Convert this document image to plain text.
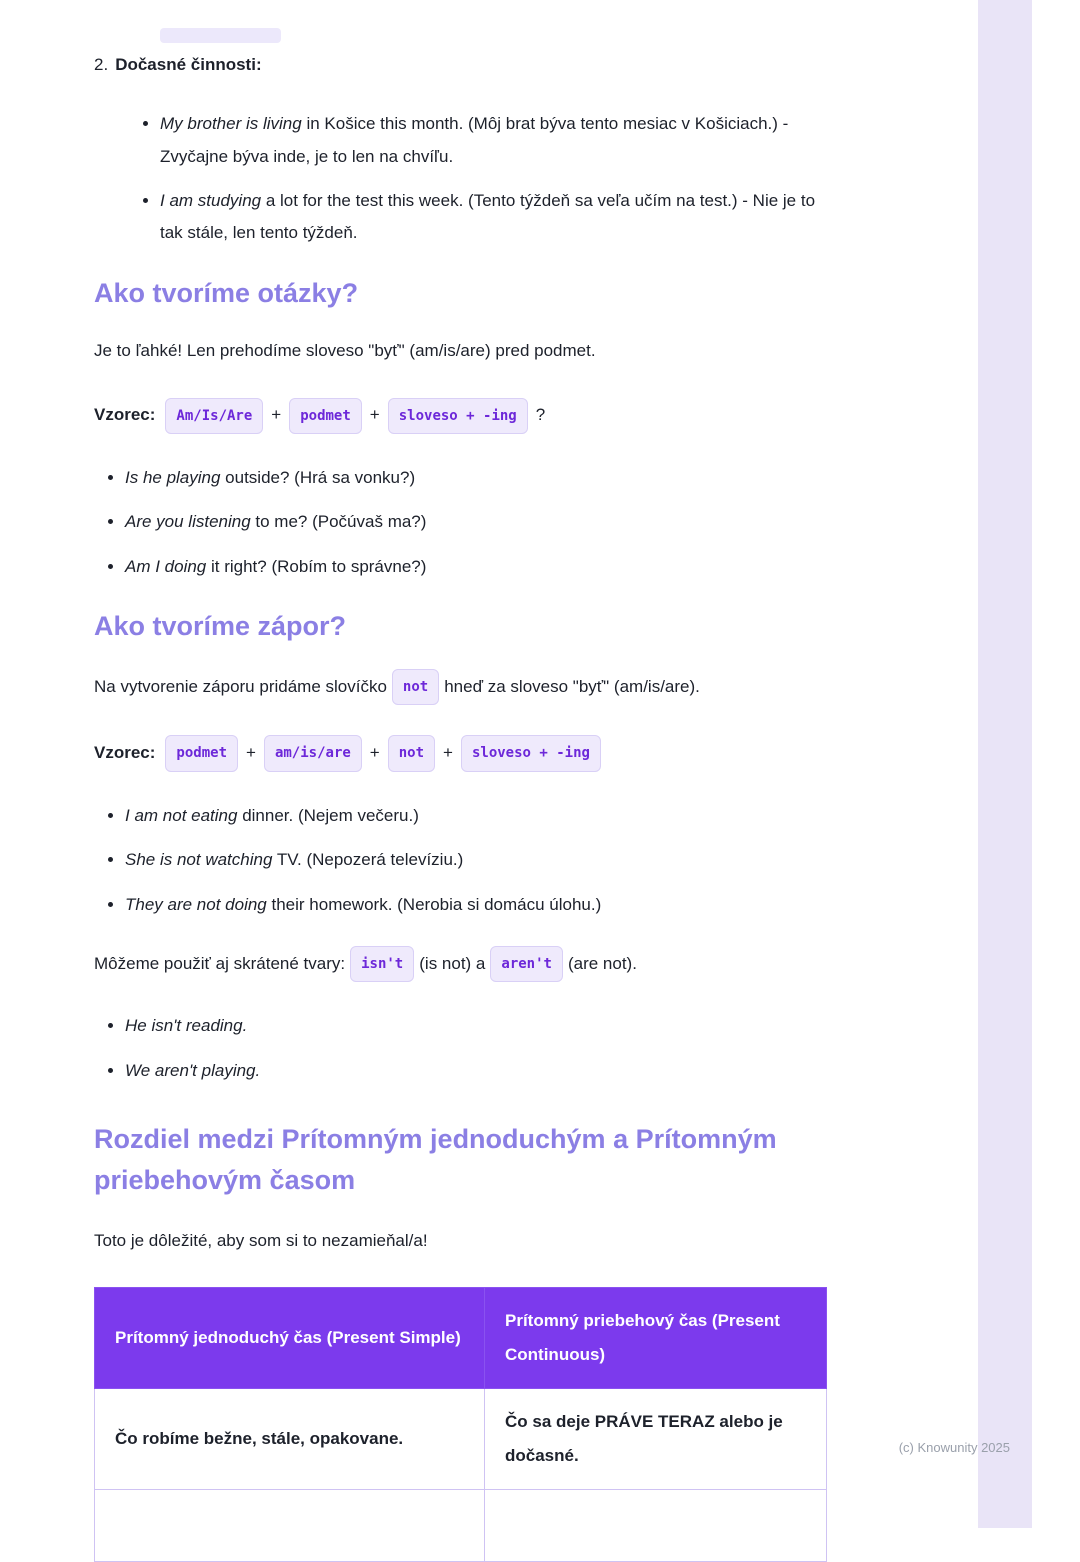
2. Dočasné činnosti:
• My brother is living in Košice this month. (Môj brat býva tento mesiac v Košiciach.) - Zvyčajne býva inde, je to len na chvíľu.
• I am studying a lot for the test this week. (Tento týždeň sa veľa učím na test.) - Nie je to tak stále, len tento týždeň.
Ako tvoríme otázky?

Je to ľahké! Len prehodíme sloveso "byť" (am/is/are) pred podmet.

Vzorec: Am/Is/Are + podmet + sloveso + -ing ?

• Is he playing outside? (Hrá sa vonku?)
• Are you listening to me? (Počúvaš ma?)
• Am I doing it right? (Robím to správne?)
Ako tvoríme zápor?

Na vytvorenie záporu pridáme slovíčko not hneď za sloveso "byť" (am/is/are).

Vzorec: podmet + am/is/are + not + sloveso + -ing

• I am not eating dinner. (Nejem večeru.)
• She is not watching TV. (Nepozerá televíziu.)
• They are not doing their homework. (Nerobia si domácu úlohu.)

Môžeme použiť aj skrátené tvary: isn't (is not) a aren't (are not).

• He isn't reading.
• We aren't playing.
Rozdiel medzi Prítomným jednoduchým a Prítomným priebehovým časom

Toto je dôležité, aby som si to nezamieňal/a!

Prítomný jednoduchý čas (Present Simple)	Prítomný priebehový čas (Present Continuous)
Čo robíme bežne, stále, opakovane.	Čo sa deje PRÁVE TERAZ alebo je dočasné.
		(c) Knowunity 2025
